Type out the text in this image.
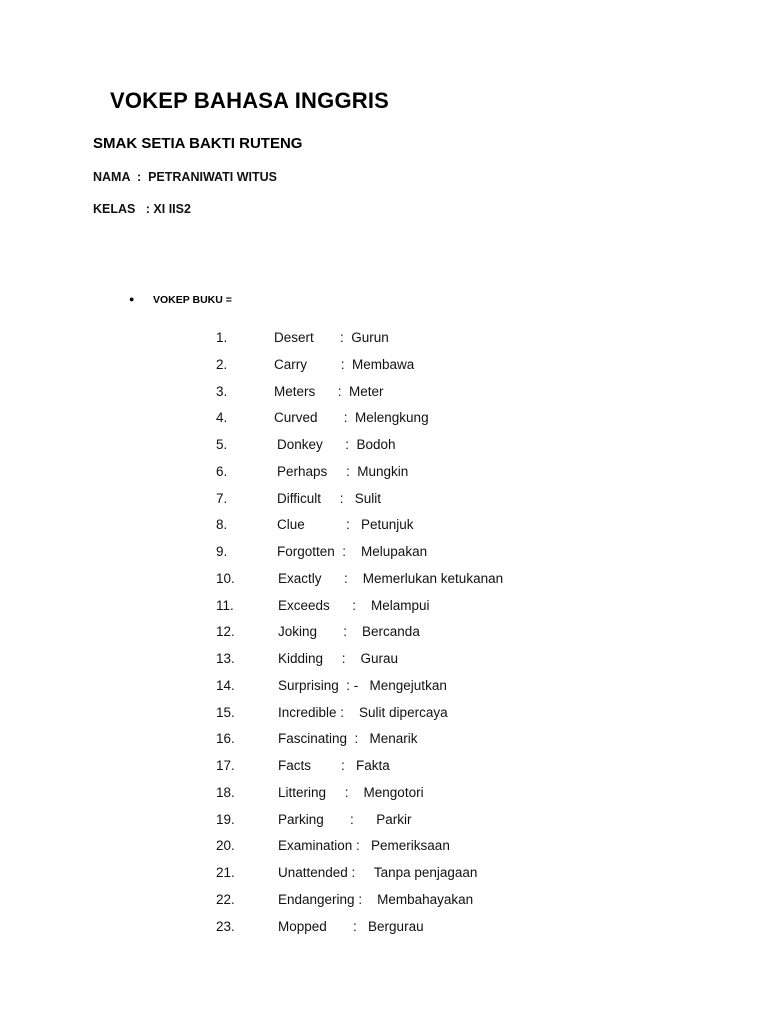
VOKEP BAHASA INGGRIS
SMAK SETIA BAKTI RUTENG
NAMA  :  PETRANIWATI WITUS
KELAS   : XI IIS2
● VOKEP BUKU =
1.	Desert       :  Gurun
2.	Carry         :  Membawa
3.	Meters      :  Meter
4.	Curved       :  Melengkung
5.	Donkey      :  Bodoh
6.	Perhaps     :  Mungkin
7.	Difficult     :   Sulit
8.	Clue           :   Petunjuk
9.	Forgotten  :    Melupakan
10.	Exactly      :    Memerlukan ketukanan
11.	Exceeds      :    Melampui
12.	Joking       :    Bercanda
13.	Kidding     :    Gurau
14.	Surprising  : -   Mengejutkan
15.	Incredible :    Sulit dipercaya
16.	Fascinating  :   Menarik
17.	Facts        :   Fakta
18.	Littering     :    Mengotori
19.	Parking       :      Parkir
20.	Examination :   Pemeriksaan
21.	Unattended :     Tanpa penjagaan
22.	Endangering :    Membahayakan
23.	Mopped       :   Bergurau
